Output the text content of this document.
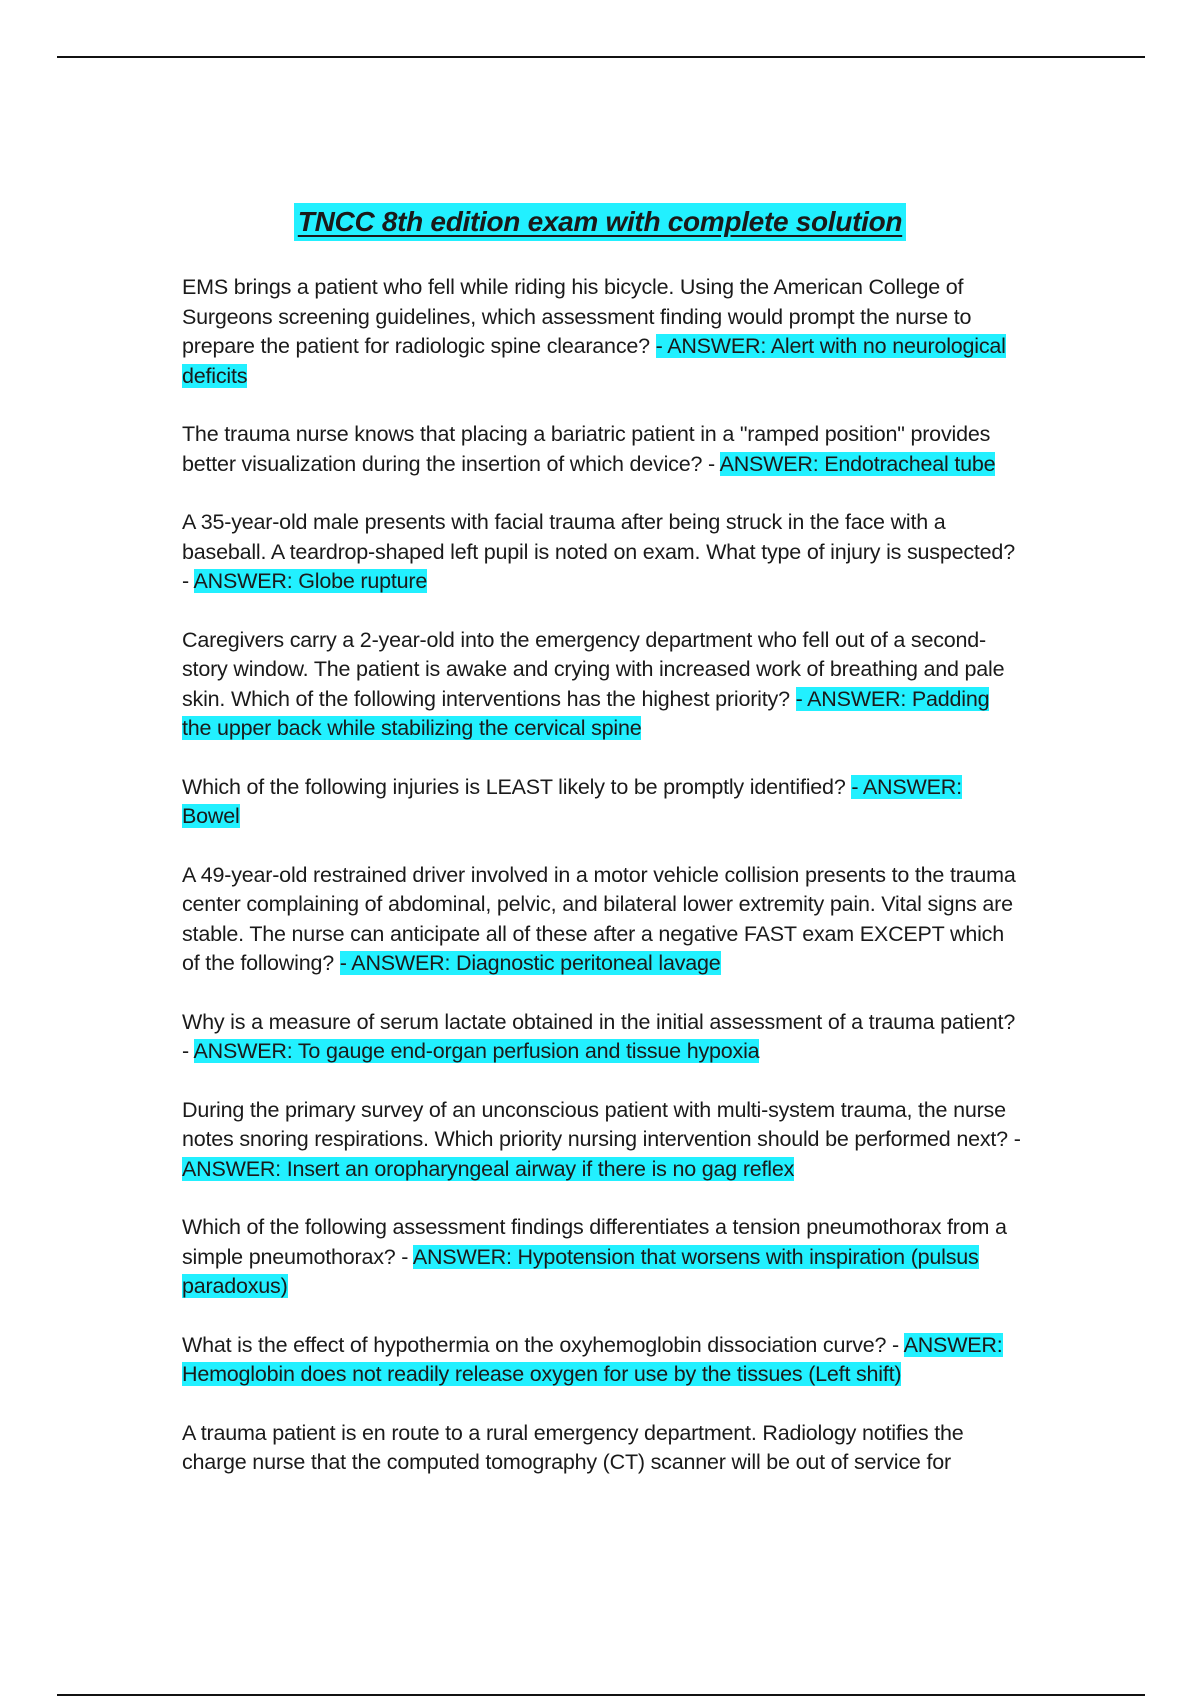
TNCC 8th edition exam with complete solution

EMS brings a patient who fell while riding his bicycle. Using the American College of Surgeons screening guidelines, which assessment finding would prompt the nurse to prepare the patient for radiologic spine clearance? - ANSWER: Alert with no neurological deficits

The trauma nurse knows that placing a bariatric patient in a "ramped position" provides better visualization during the insertion of which device? - ANSWER: Endotracheal tube

A 35-year-old male presents with facial trauma after being struck in the face with a baseball. A teardrop-shaped left pupil is noted on exam. What type of injury is suspected? - ANSWER: Globe rupture

Caregivers carry a 2-year-old into the emergency department who fell out of a second-story window. The patient is awake and crying with increased work of breathing and pale skin. Which of the following interventions has the highest priority? - ANSWER: Padding the upper back while stabilizing the cervical spine

Which of the following injuries is LEAST likely to be promptly identified? - ANSWER: Bowel

A 49-year-old restrained driver involved in a motor vehicle collision presents to the trauma center complaining of abdominal, pelvic, and bilateral lower extremity pain. Vital signs are stable. The nurse can anticipate all of these after a negative FAST exam EXCEPT which of the following? - ANSWER: Diagnostic peritoneal lavage

Why is a measure of serum lactate obtained in the initial assessment of a trauma patient? - ANSWER: To gauge end-organ perfusion and tissue hypoxia

During the primary survey of an unconscious patient with multi-system trauma, the nurse notes snoring respirations. Which priority nursing intervention should be performed next? - ANSWER: Insert an oropharyngeal airway if there is no gag reflex

Which of the following assessment findings differentiates a tension pneumothorax from a simple pneumothorax? - ANSWER: Hypotension that worsens with inspiration (pulsus paradoxus)

What is the effect of hypothermia on the oxyhemoglobin dissociation curve? - ANSWER: Hemoglobin does not readily release oxygen for use by the tissues (Left shift)

A trauma patient is en route to a rural emergency department. Radiology notifies the charge nurse that the computed tomography (CT) scanner will be out of service for
